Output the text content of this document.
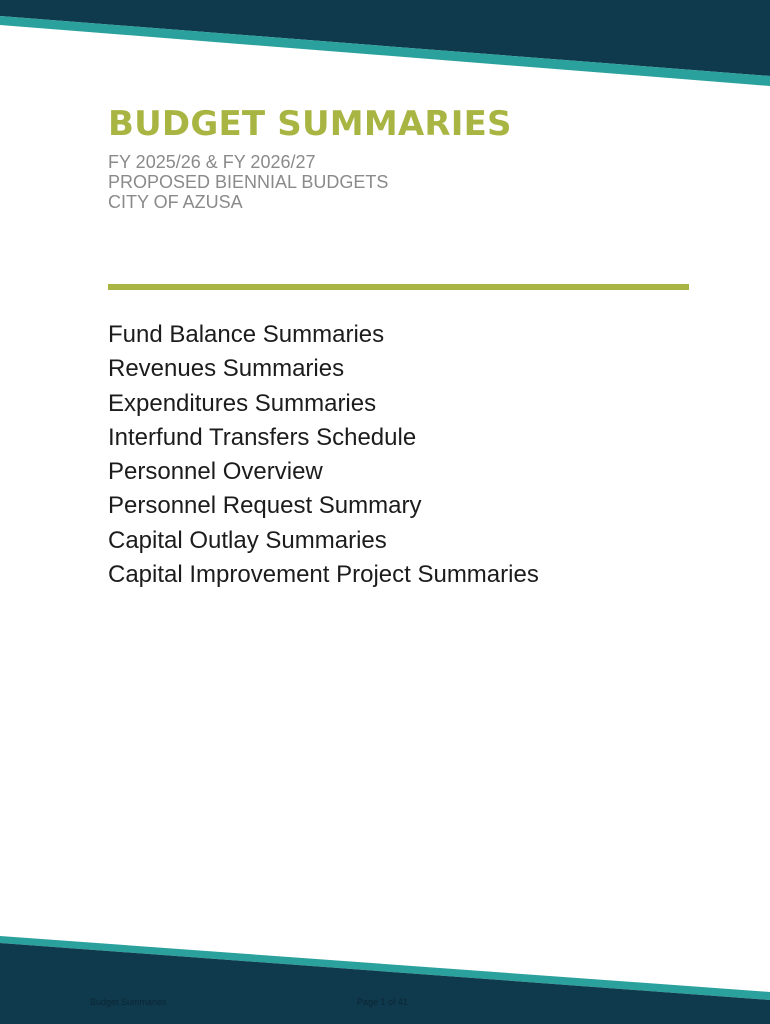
BUDGET SUMMARIES
FY 2025/26 & FY 2026/27
PROPOSED BIENNIAL BUDGETS
CITY OF AZUSA
Fund Balance Summaries
Revenues Summaries
Expenditures Summaries
Interfund Transfers Schedule
Personnel Overview
Personnel Request Summary
Capital Outlay Summaries
Capital Improvement Project Summaries
Budget Summaries	Page 1 of 41
